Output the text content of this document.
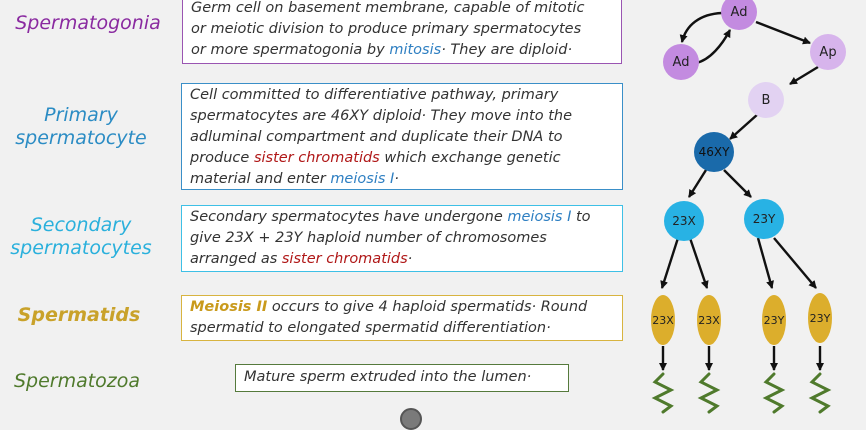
Spermatogonia
Primary
spermatocyte
Secondary
spermatocytes
Spermatids
Spermatozoa
Germ cell on basement membrane, capable of mitotic
or meiotic division to produce primary spermatocytes
or more spermatogonia by mitosis· They are diploid·
Cell committed to differentiative pathway, primary
spermatocytes are 46XY diploid· They move into the
adluminal compartment and duplicate their DNA to
produce sister chromatids which exchange genetic
material and enter meiosis I·
Secondary spermatocytes have undergone meiosis I to
give 23X + 23Y haploid number of chromosomes
arranged as sister chromatids·
Meiosis II occurs to give 4 haploid spermatids· Round
spermatid to elongated spermatid differentiation·
Mature sperm extruded into the lumen·
Ad
Ad
Ap
B
46XY
23X	23Y
23X 23X	23Y 23Y
